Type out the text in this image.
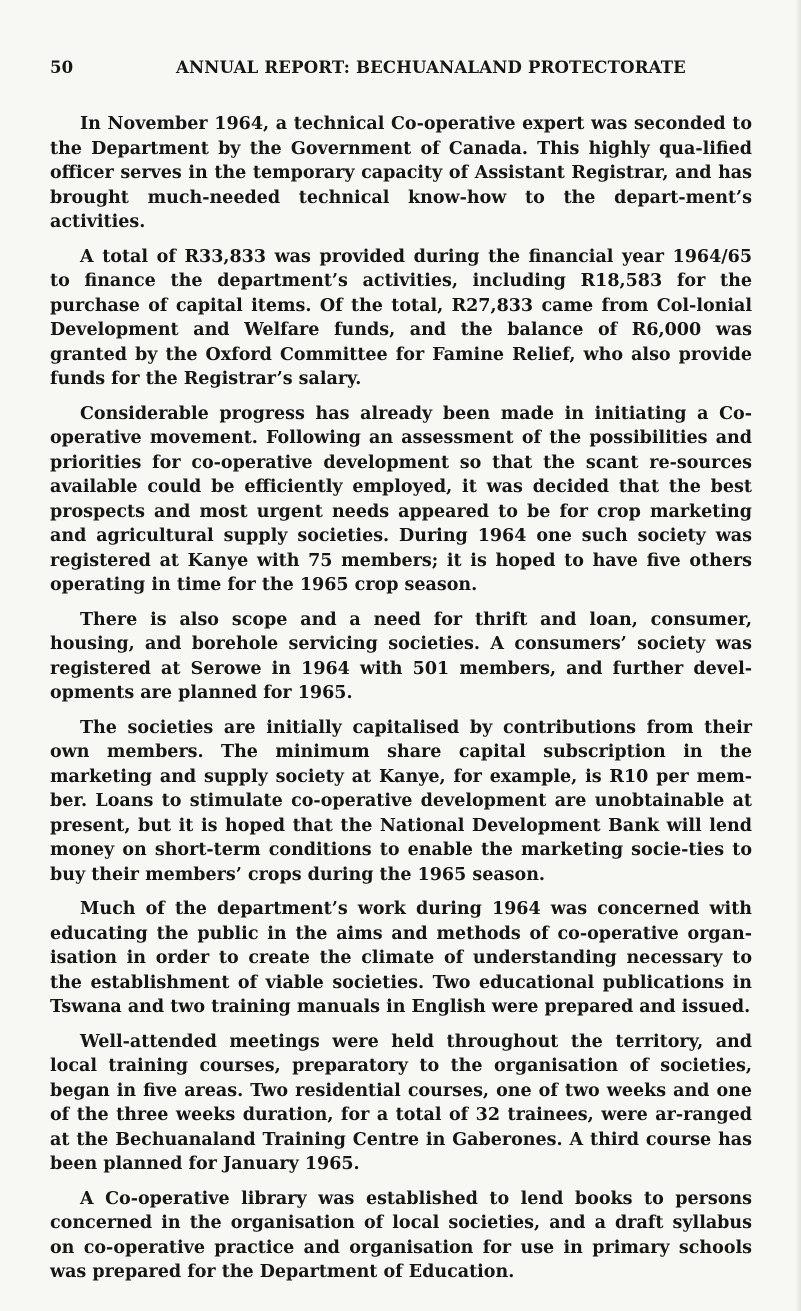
50	ANNUAL REPORT: BECHUANALAND PROTECTORATE

In November 1964, a technical Co-operative expert was seconded to the Department by the Government of Canada. This highly qua-lified officer serves in the temporary capacity of Assistant Registrar, and has brought much-needed technical know-how to the depart-ment’s activities.

A total of R33,833 was provided during the financial year 1964/65 to finance the department’s activities, including R18,583 for the purchase of capital items. Of the total, R27,833 came from Col-lonial Development and Welfare funds, and the balance of R6,000 was granted by the Oxford Committee for Famine Relief, who also provide funds for the Registrar’s salary.

Considerable progress has already been made in initiating a Co-operative movement. Following an assessment of the possibilities and priorities for co-operative development so that the scant re-sources available could be efficiently employed, it was decided that the best prospects and most urgent needs appeared to be for crop marketing and agricultural supply societies. During 1964 one such society was registered at Kanye with 75 members; it is hoped to have five others operating in time for the 1965 crop season.

There is also scope and a need for thrift and loan, consumer, housing, and borehole servicing societies. A consumers’ society was registered at Serowe in 1964 with 501 members, and further devel-opments are planned for 1965.

The societies are initially capitalised by contributions from their own members. The minimum share capital subscription in the marketing and supply society at Kanye, for example, is R10 per mem-ber. Loans to stimulate co-operative development are unobtainable at present, but it is hoped that the National Development Bank will lend money on short-term conditions to enable the marketing socie-ties to buy their members’ crops during the 1965 season.

Much of the department’s work during 1964 was concerned with educating the public in the aims and methods of co-operative organ-isation in order to create the climate of understanding necessary to the establishment of viable societies. Two educational publications in Tswana and two training manuals in English were prepared and issued.

Well-attended meetings were held throughout the territory, and local training courses, preparatory to the organisation of societies, began in five areas. Two residential courses, one of two weeks and one of the three weeks duration, for a total of 32 trainees, were ar-ranged at the Bechuanaland Training Centre in Gaberones. A third course has been planned for January 1965.

A Co-operative library was established to lend books to persons concerned in the organisation of local societies, and a draft syllabus on co-operative practice and organisation for use in primary schools was prepared for the Department of Education.
